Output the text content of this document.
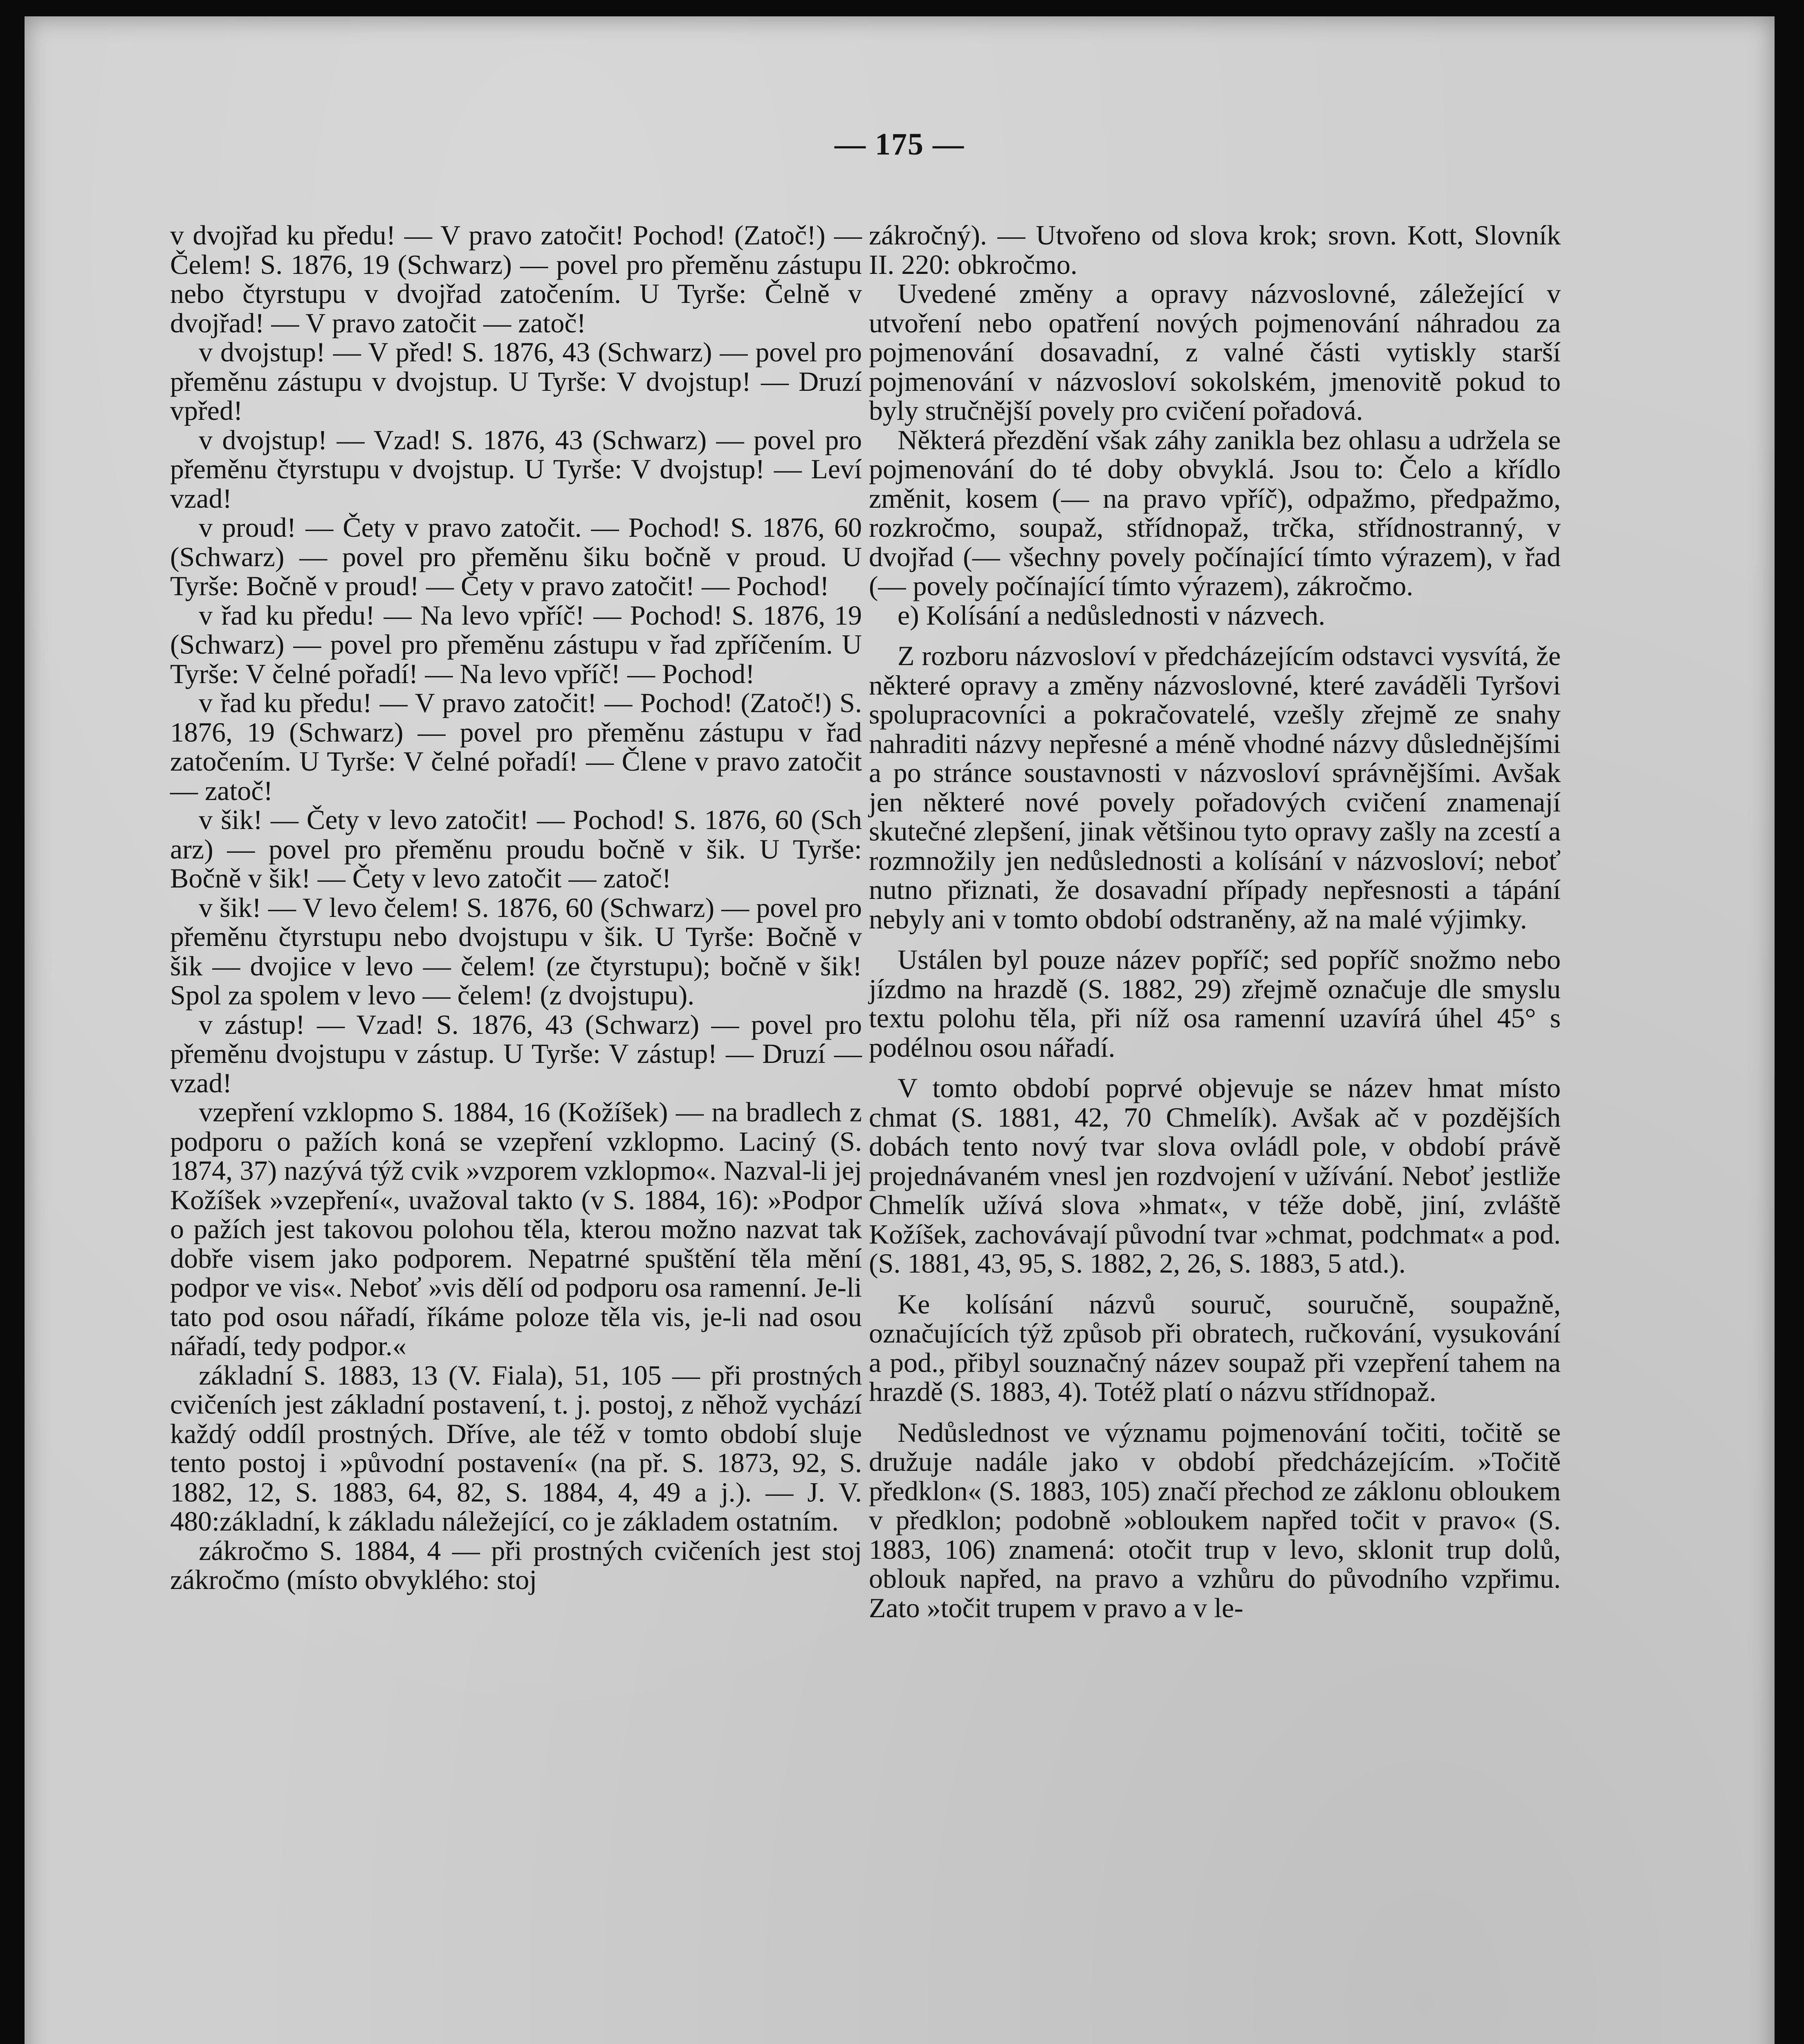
— 175 —

v dvojřad ku předu! — V pravo zatočit! Pochod! (Zatoč!) — Čelem! S. 1876, 19 (Schwarz) — povel pro přeměnu zástupu nebo čtyrstupu v dvojřad zatočením. U Tyrše: Čelně v dvojřad! — V pravo zatočit — zatoč!

v dvojstup! — V před! S. 1876, 43 (Schwarz) — povel pro přeměnu zástupu v dvojstup. U Tyrše: V dvojstup! — Druzí vpřed!

v dvojstup! — Vzad! S. 1876, 43 (Schwarz) — povel pro přeměnu čtyrstupu v dvojstup. U Tyrše: V dvojstup! — Leví vzad!

v proud! — Čety v pravo zatočit. — Pochod! S. 1876, 60 (Schwarz) — povel pro přeměnu šiku bočně v proud. U Tyrše: Bočně v proud! — Čety v pravo zatočit! — Pochod!

v řad ku předu! — Na levo vpříč! — Pochod! S. 1876, 19 (Schwarz) — povel pro přeměnu zástupu v řad zpříčením. U Tyrše: V čelné pořadí! — Na levo vpříč! — Pochod!

v řad ku předu! — V pravo zatočit! — Pochod! (Zatoč!) S. 1876, 19 (Schwarz) — povel pro přeměnu zástupu v řad zatočením. U Tyrše: V čelné pořadí! — Člene v pravo zatočit — zatoč!

v šik! — Čety v levo zatočit! — Pochod! S. 1876, 60 (Sch arz) — povel pro přeměnu proudu bočně v šik. U Tyrše: Bočně v šik! — Čety v levo zatočit — zatoč!

v šik! — V levo čelem! S. 1876, 60 (Schwarz) — povel pro přeměnu čtyrstupu nebo dvojstupu v šik. U Tyrše: Bočně v šik — dvojice v levo — čelem! (ze čtyrstupu); bočně v šik! Spol za spolem v levo — čelem! (z dvojstupu).

v zástup! — Vzad! S. 1876, 43 (Schwarz) — povel pro přeměnu dvojstupu v zástup. U Tyrše: V zástup! — Druzí — vzad!

vzepření vzklopmo S. 1884, 16 (Kožíšek) — na bradlech z podporu o pažích koná se vzepření vzklopmo. Laciný (S. 1874, 37) nazývá týž cvik »vzporem vzklopmo«. Nazval-li jej Kožíšek »vzepření«, uvažoval takto (v S. 1884, 16): »Podpor o pažích jest takovou polohou těla, kterou možno nazvat tak dobře visem jako podporem. Nepatrné spuštění těla mění podpor ve vis«. Neboť »vis dělí od podporu osa ramenní. Je-li tato pod osou nářadí, říkáme poloze těla vis, je-li nad osou nářadí, tedy podpor.«

základní S. 1883, 13 (V. Fiala), 51, 105 — při prostných cvičeních jest základní postavení, t. j. postoj, z něhož vychází každý oddíl prostných. Dříve, ale též v tomto období sluje tento postoj i »původní postavení« (na př. S. 1873, 92, S. 1882, 12, S. 1883, 64, 82, S. 1884, 4, 49 a j.). — J. V. 480:základní, k základu náležející, co je základem ostatním.

zákročmo S. 1884, 4 — při prostných cvičeních jest stoj zákročmo (místo obvyklého: stoj

zákročný). — Utvořeno od slova krok; srovn. Kott, Slovník II. 220: obkročmo.

Uvedené změny a opravy názvoslovné, záležející v utvoření nebo opatření nových pojmenování náhradou za pojmenování dosavadní, z valné části vytiskly starší pojmenování v názvosloví sokolském, jmenovitě pokud to byly stručnější povely pro cvičení pořadová.

Některá přezdění však záhy zanikla bez ohlasu a udržela se pojmenování do té doby obvyklá. Jsou to: Čelo a křídlo změnit, kosem (— na pravo vpříč), odpažmo, předpažmo, rozkročmo, soupaž, střídnopaž, trčka, střídnostranný, v dvojřad (— všechny povely počínající tímto výrazem), v řad (— povely počínající tímto výrazem), zákročmo.

e) Kolísání a nedůslednosti v názvech.

Z rozboru názvosloví v předcházejícím odstavci vysvítá, že některé opravy a změny názvoslovné, které zaváděli Tyršovi spolupracovníci a pokračovatelé, vzešly zřejmě ze snahy nahraditi názvy nepřesné a méně vhodné názvy důslednějšími a po stránce soustavnosti v názvosloví správnějšími. Avšak jen některé nové povely pořadových cvičení znamenají skutečné zlepšení, jinak většinou tyto opravy zašly na zcestí a rozmnožily jen nedůslednosti a kolísání v názvosloví; neboť nutno přiznati, že dosavadní případy nepřesnosti a tápání nebyly ani v tomto období odstraněny, až na malé výjimky.

Ustálen byl pouze název popříč; sed popříč snožmo nebo jízdmo na hrazdě (S. 1882, 29) zřejmě označuje dle smyslu textu polohu těla, při níž osa ramenní uzavírá úhel 45° s podélnou osou nářadí.

V tomto období poprvé objevuje se název hmat místo chmat (S. 1881, 42, 70 Chmelík). Avšak ač v pozdějších dobách tento nový tvar slova ovládl pole, v období právě projednávaném vnesl jen rozdvojení v užívání. Neboť jestliže Chmelík užívá slova »hmat«, v téže době, jiní, zvláště Kožíšek, zachovávají původní tvar »chmat, podchmat« a pod. (S. 1881, 43, 95, S. 1882, 2, 26, S. 1883, 5 atd.).

Ke kolísání názvů souruč, souručně, soupažně, označujících týž způsob při obratech, ručkování, vysukování a pod., přibyl souznačný název soupaž při vzepření tahem na hrazdě (S. 1883, 4). Totéž platí o názvu střídnopaž.

Nedůslednost ve významu pojmenování točiti, točitě se družuje nadále jako v období předcházejícím. »Točitě předklon« (S. 1883, 105) značí přechod ze záklonu obloukem v předklon; podobně »obloukem napřed točit v pravo« (S. 1883, 106) znamená: otočit trup v levo, sklonit trup dolů, oblouk napřed, na pravo a vzhůru do původního vzpřimu. Zato »točit trupem v pravo a v le-
